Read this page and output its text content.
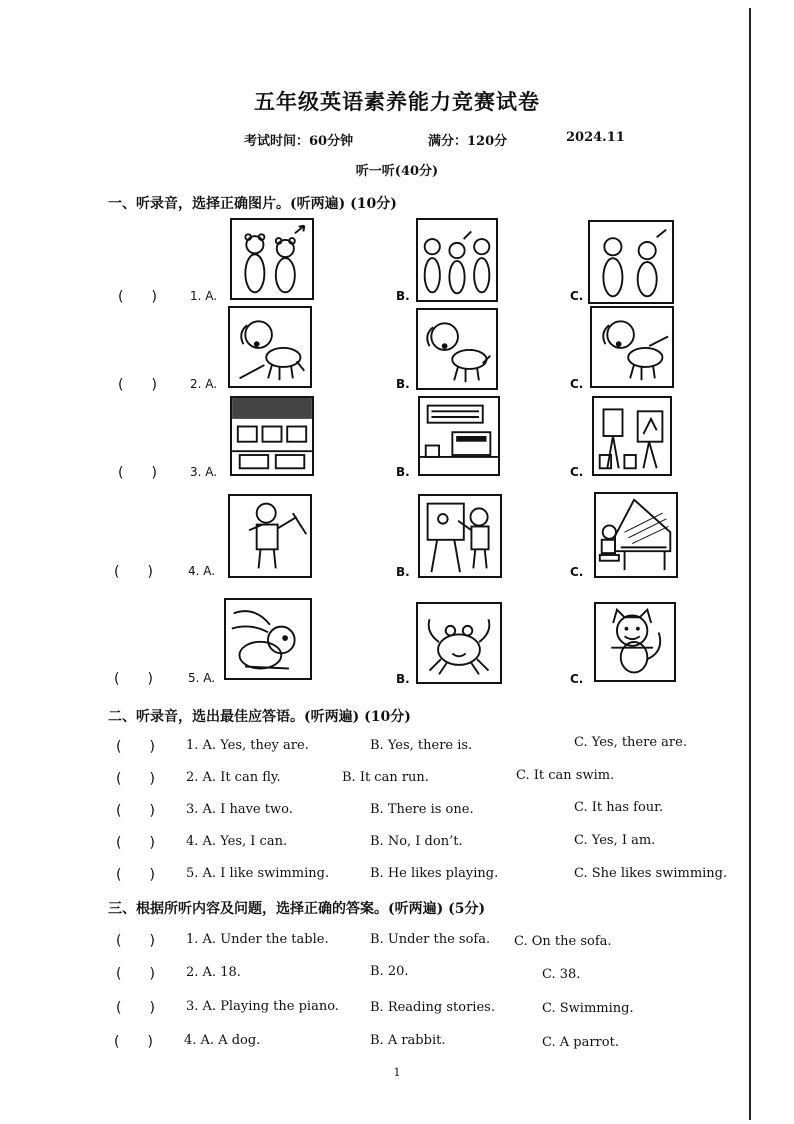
五年级英语素养能力竞赛试卷
考试时间：60分钟	满分：120分	2024.11
听一听(40分)
一、听录音，选择正确图片。(听两遍) (10分)
(　　)	1. A.	B.	C.
(　　)	2. A.	B.	C.
(　　)	3. A.	B.	C.
(　　)	4. A.	B.	C.
(　　)	5. A.	B.	C.
二、听录音，选出最佳应答语。(听两遍) (10分)
(　　) 1. A. Yes, they are.	B. Yes, there is.	C. Yes, there are.
(　　) 2. A. It can fly.	B. It can run.	C. It can swim.
(　　) 3. A. I have two.	B. There is one.	C. It has four.
(　　) 4. A. Yes, I can.	B. No, I don’t.	C. Yes, I am.
(　　) 5. A. I like swimming.	B. He likes playing.	C. She likes swimming.
三、根据所听内容及问题，选择正确的答案。(听两遍) (5分)
(　　) 1. A. Under the table.	B. Under the sofa. C. On the sofa.
(　　) 2. A. 18.	B. 20.	C. 38.
(　　) 3. A. Playing the piano. B. Reading stories.	C. Swimming.
(　　) 4. A. A dog.	B. A rabbit.	C. A parrot.
1
